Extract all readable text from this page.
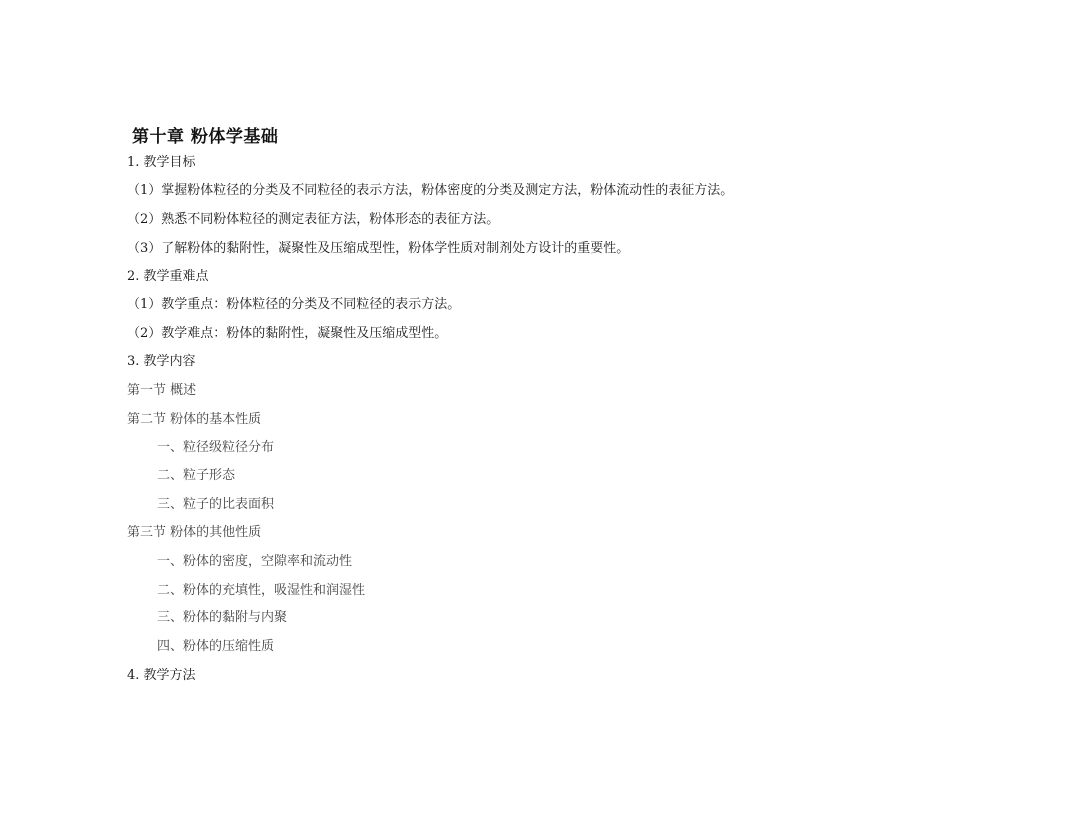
第十章 粉体学基础
1. 教学目标
（1）掌握粉体粒径的分类及不同粒径的表示方法，粉体密度的分类及测定方法，粉体流动性的表征方法。
（2）熟悉不同粉体粒径的测定表征方法，粉体形态的表征方法。
（3）了解粉体的黏附性，凝聚性及压缩成型性，粉体学性质对制剂处方设计的重要性。
2. 教学重难点
（1）教学重点：粉体粒径的分类及不同粒径的表示方法。
（2）教学难点：粉体的黏附性，凝聚性及压缩成型性。
3. 教学内容
第一节 概述
第二节 粉体的基本性质
一、粒径级粒径分布
二、粒子形态
三、粒子的比表面积
第三节 粉体的其他性质
一、粉体的密度，空隙率和流动性
二、粉体的充填性，吸湿性和润湿性
三、粉体的黏附与内聚
四、粉体的压缩性质
4. 教学方法
